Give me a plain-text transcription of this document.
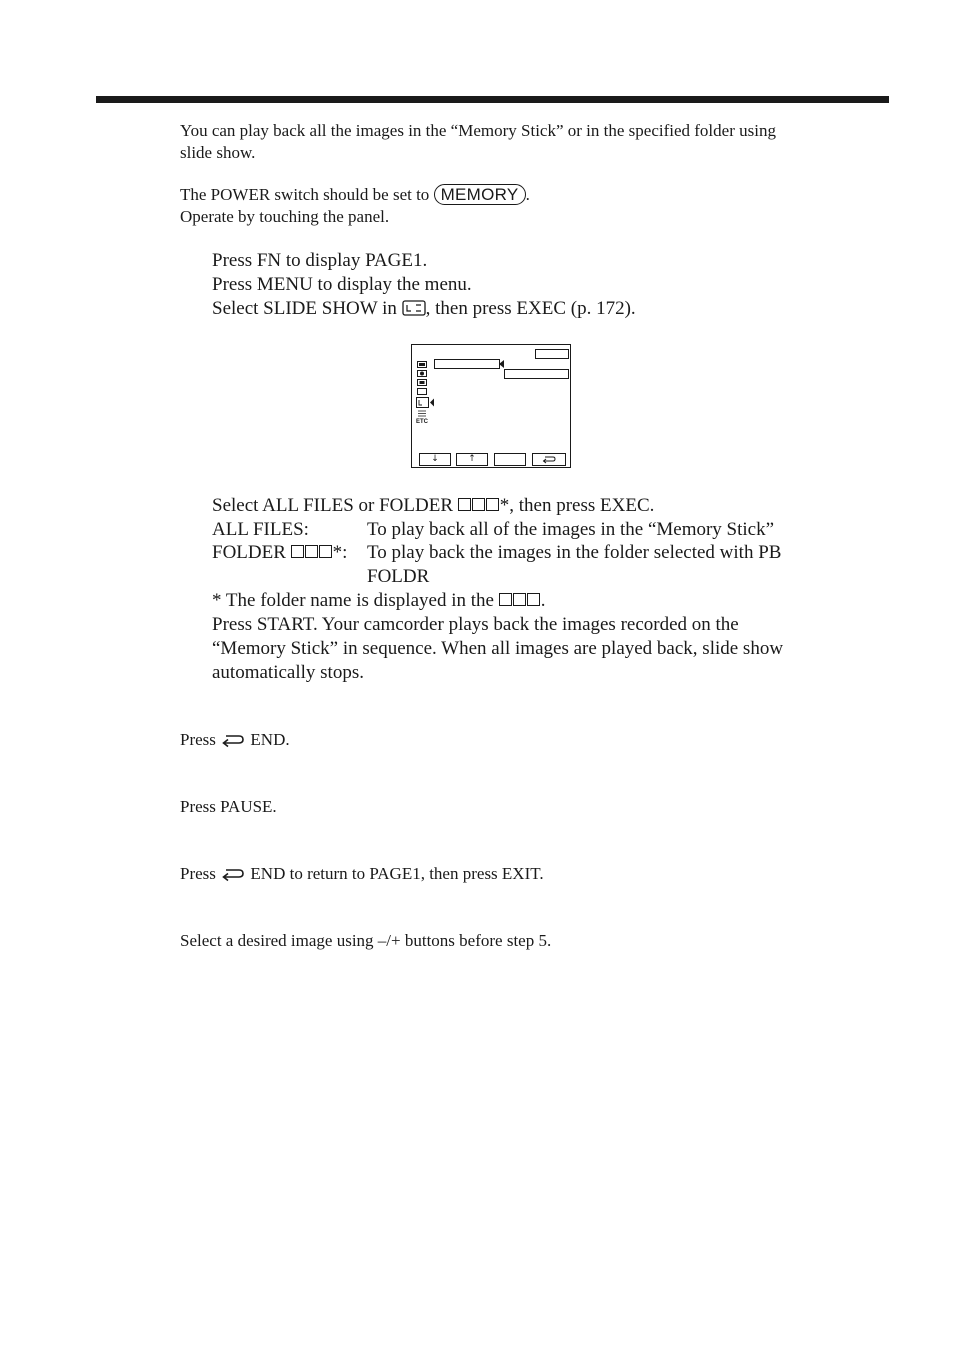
You can play back all the images in the “Memory Stick” or in the specified folder using
slide show.
The POWER switch should be set to MEMORY .
Operate by touching the panel.
Press FN to display PAGE1.
Press MENU to display the menu.
Select SLIDE SHOW in , then press EXEC (p. 172).
ETC
↓	↑
Select ALL FILES or FOLDER *, then press EXEC.
ALL FILES:	To play back all of the images in the “Memory Stick”
FOLDER *: To play back the images in the folder selected with PB
FOLDR
* The folder name is displayed in the .
Press START. Your camcorder plays back the images recorded on the
“Memory Stick” in sequence. When all images are played back, slide show
automatically stops.
Press END.
Press PAUSE.
Press END to return to PAGE1, then press EXIT.
Select a desired image using –/+ buttons before step 5.
